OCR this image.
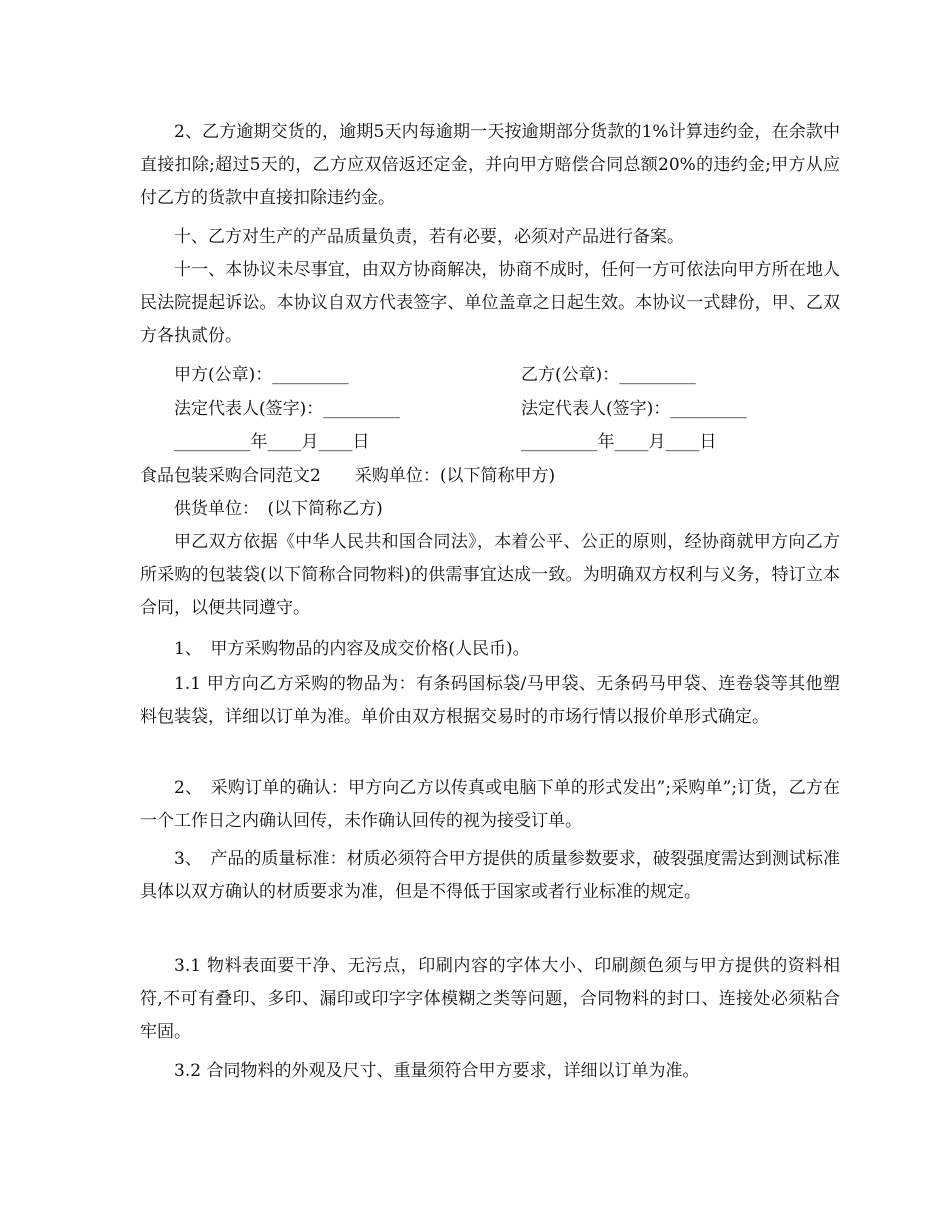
2、乙方逾期交货的，逾期5天内每逾期一天按逾期部分货款的1%计算违约金，在余款中直接扣除;超过5天的，乙方应双倍返还定金，并向甲方赔偿合同总额20%的违约金;甲方从应付乙方的货款中直接扣除违约金。

十、乙方对生产的产品质量负责，若有必要，必须对产品进行备案。

十一、本协议未尽事宜，由双方协商解决，协商不成时，任何一方可依法向甲方所在地人民法院提起诉讼。本协议自双方代表签字、单位盖章之日起生效。本协议一式肆份，甲、乙双方各执贰份。

甲方(公章)：_________	乙方(公章)：_________
法定代表人(签字)：_________	法定代表人(签字)：_________
_________年____月____日	_________年____月____日
食品包装采购合同范文2　　采购单位：(以下简称甲方)
供货单位：　(以下简称乙方)

甲乙双方依据《中华人民共和国合同法》，本着公平、公正的原则，经协商就甲方向乙方所采购的包装袋(以下简称合同物料)的供需事宜达成一致。为明确双方权利与义务，特订立本合同，以便共同遵守。

1、　甲方采购物品的内容及成交价格(人民币)。

1.1 甲方向乙方采购的物品为：有条码国标袋/马甲袋、无条码马甲袋、连卷袋等其他塑料包装袋，详细以订单为准。单价由双方根据交易时的市场行情以报价单形式确定。

2、　采购订单的确认：甲方向乙方以传真或电脑下单的形式发出”;采购单”;订货，乙方在一个工作日之内确认回传，未作确认回传的视为接受订单。

3、　产品的质量标准：材质必须符合甲方提供的质量参数要求，破裂强度需达到测试标准具体以双方确认的材质要求为准，但是不得低于国家或者行业标准的规定。

3.1 物料表面要干净、无污点，印刷内容的字体大小、印刷颜色须与甲方提供的资料相符,不可有叠印、多印、漏印或印字字体模糊之类等问题，合同物料的封口、连接处必须粘合牢固。

3.2 合同物料的外观及尺寸、重量须符合甲方要求，详细以订单为准。
